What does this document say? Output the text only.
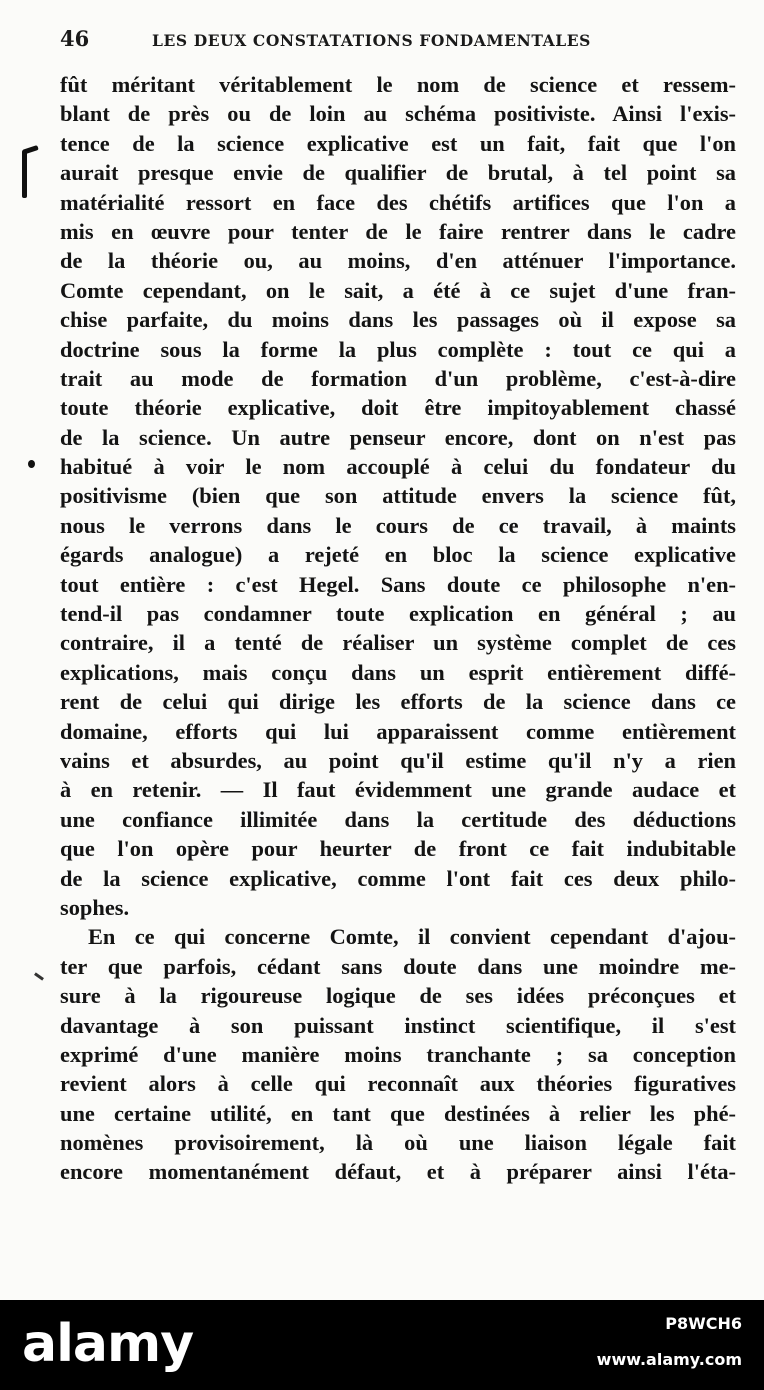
46	LES DEUX CONSTATATIONS FONDAMENTALES
fût méritant véritablement le nom de science et ressem-
blant de près ou de loin au schéma positiviste. Ainsi l'exis-
tence de la science explicative est un fait, fait que l'on
aurait presque envie de qualifier de brutal, à tel point sa
matérialité ressort en face des chétifs artifices que l'on a
mis en œuvre pour tenter de le faire rentrer dans le cadre
de la théorie ou, au moins, d'en atténuer l'importance.
Comte cependant, on le sait, a été à ce sujet d'une fran-
chise parfaite, du moins dans les passages où il expose sa
doctrine sous la forme la plus complète : tout ce qui a
trait au mode de formation d'un problème, c'est-à-dire
toute théorie explicative, doit être impitoyablement chassé
de la science. Un autre penseur encore, dont on n'est pas
habitué à voir le nom accouplé à celui du fondateur du
positivisme (bien que son attitude envers la science fût,
nous le verrons dans le cours de ce travail, à maints
égards analogue) a rejeté en bloc la science explicative
tout entière : c'est Hegel. Sans doute ce philosophe n'en-
tend-il pas condamner toute explication en général ; au
contraire, il a tenté de réaliser un système complet de ces
explications, mais conçu dans un esprit entièrement diffé-
rent de celui qui dirige les efforts de la science dans ce
domaine, efforts qui lui apparaissent comme entièrement
vains et absurdes, au point qu'il estime qu'il n'y a rien
à en retenir. — Il faut évidemment une grande audace et
une confiance illimitée dans la certitude des déductions
que l'on opère pour heurter de front ce fait indubitable
de la science explicative, comme l'ont fait ces deux philo-
sophes.
En ce qui concerne Comte, il convient cependant d'ajou-
ter que parfois, cédant sans doute dans une moindre me-
sure à la rigoureuse logique de ses idées préconçues et
davantage à son puissant instinct scientifique, il s'est
exprimé d'une manière moins tranchante ; sa conception
revient alors à celle qui reconnaît aux théories figuratives
une certaine utilité, en tant que destinées à relier les phé-
nomènes provisoirement, là où une liaison légale fait
encore momentanément défaut, et à préparer ainsi l'éta-
alamy	P8WCH6
www.alamy.com
